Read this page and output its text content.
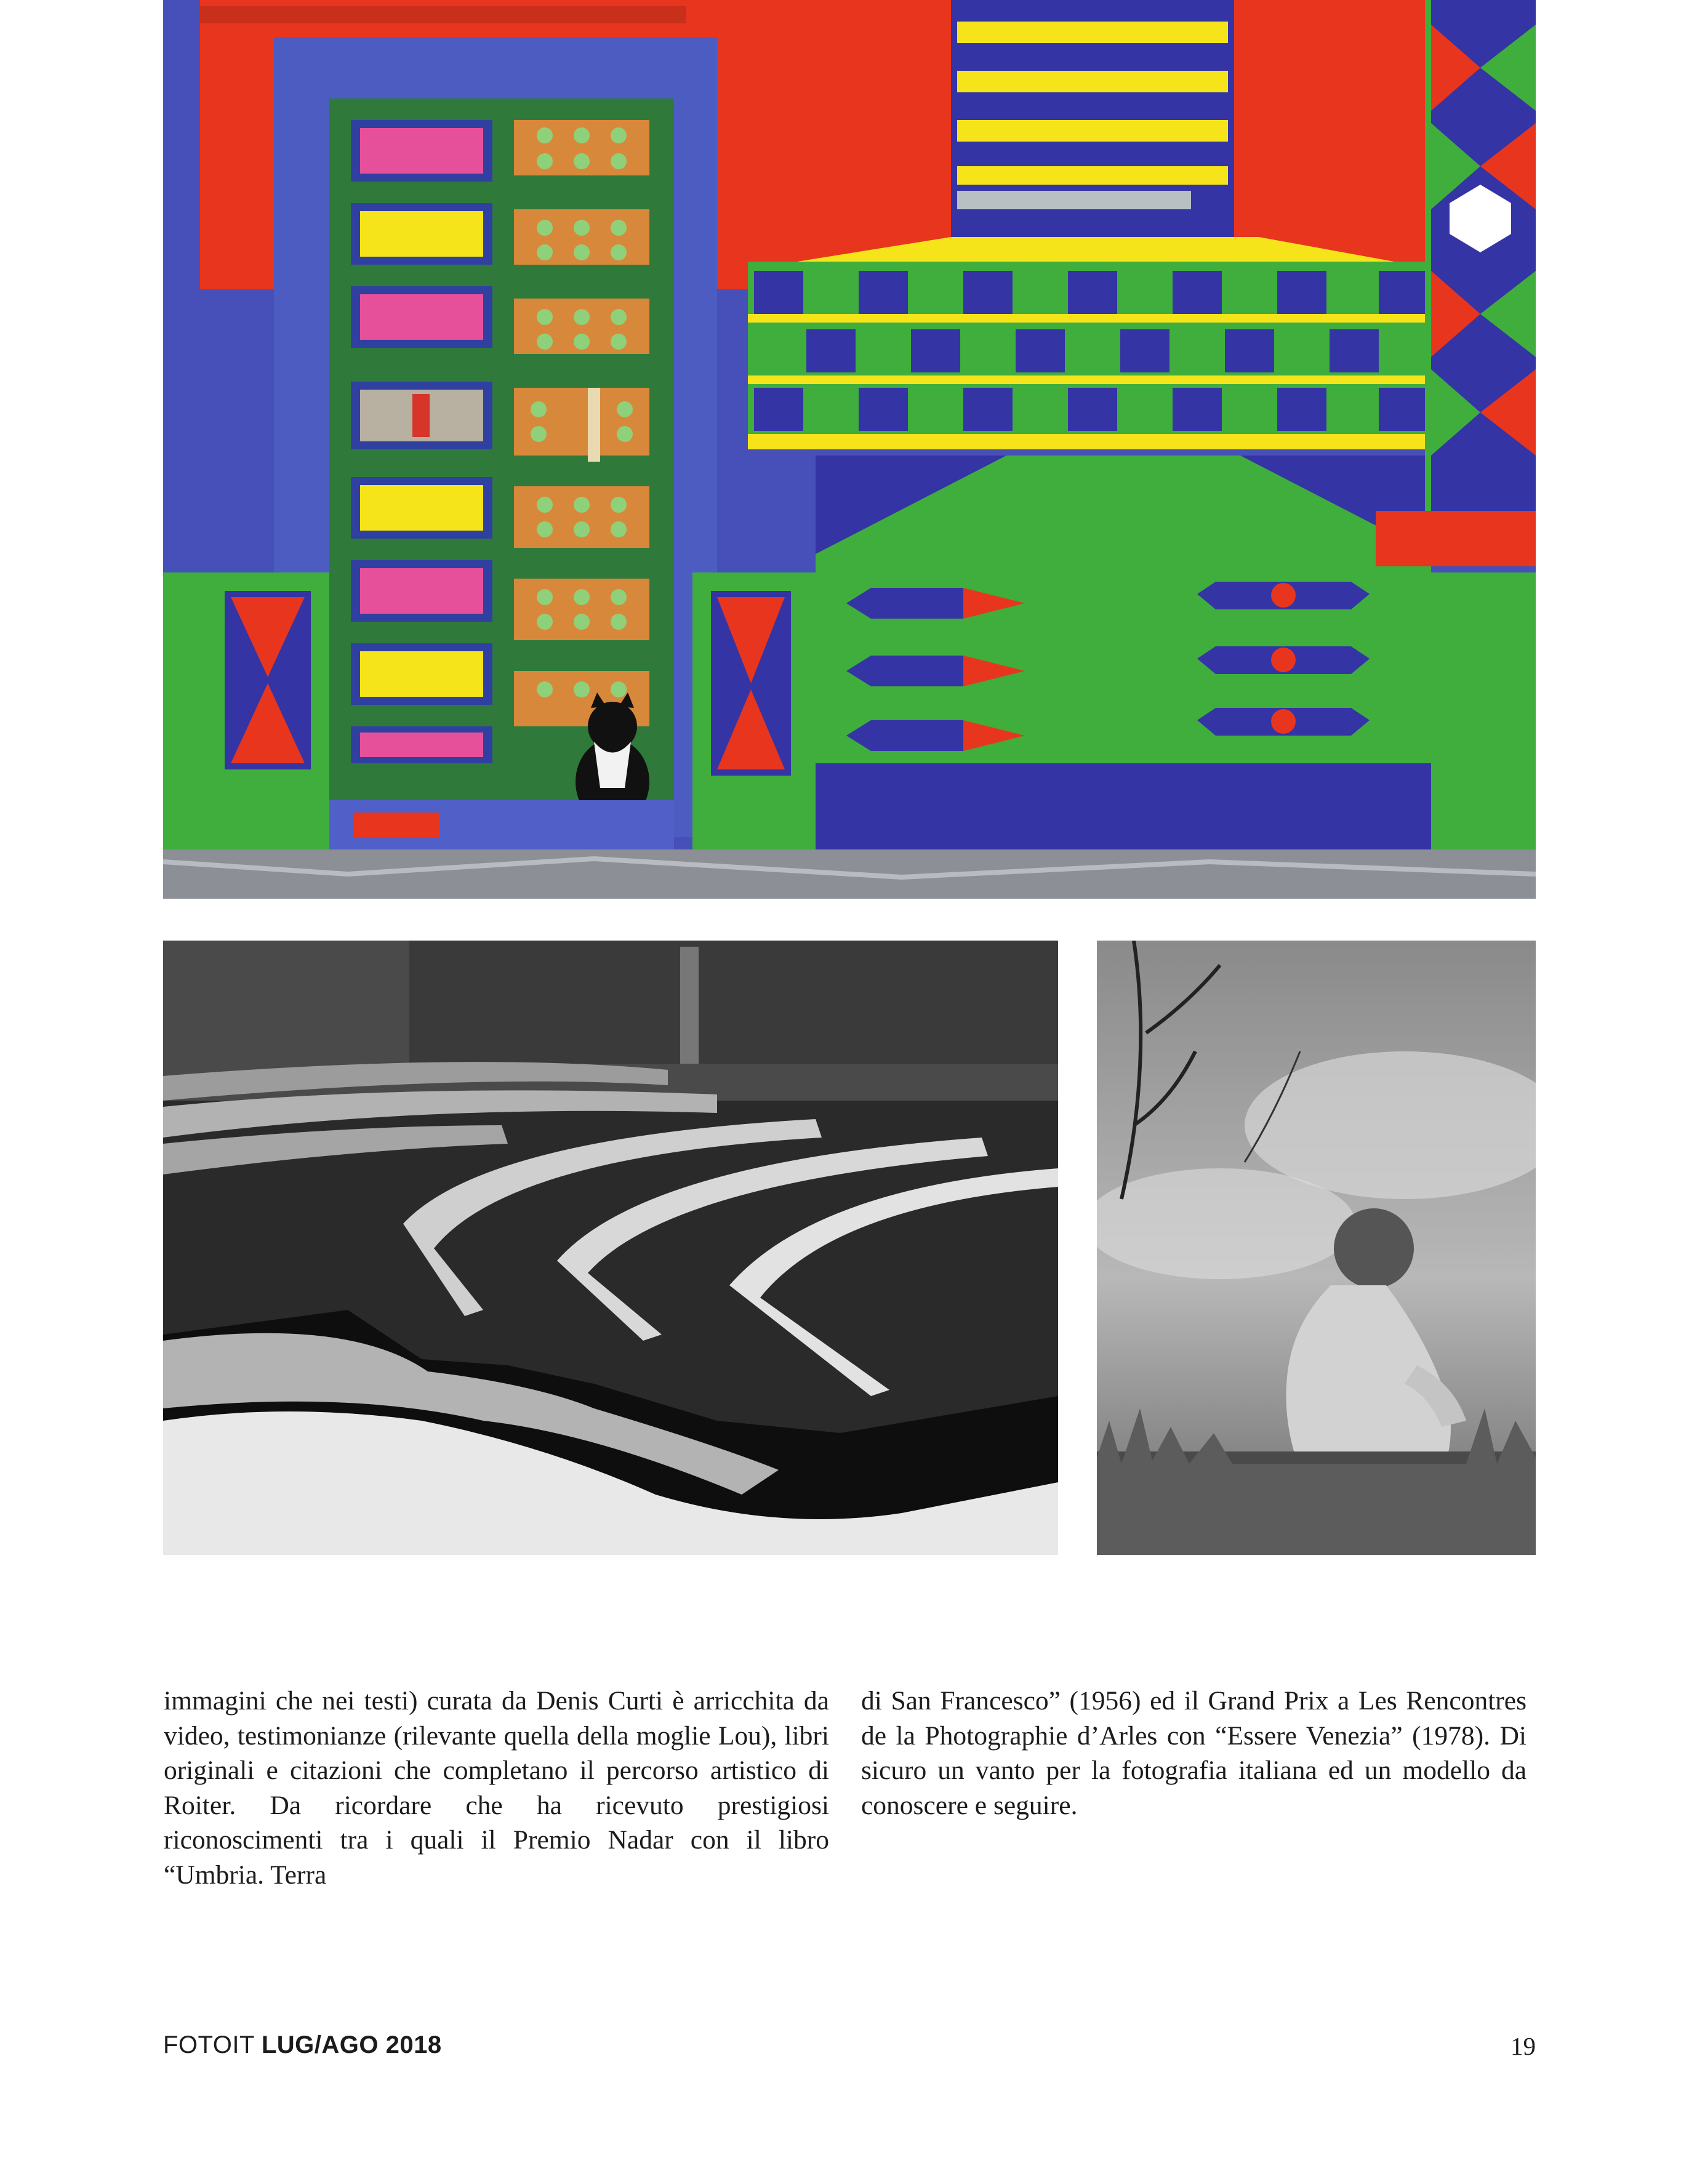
immagini che nei testi) curata da Denis Curti è arricchita da video, testimonianze (rilevante quella della moglie Lou), libri originali e citazioni che completano il percorso artistico di Roiter. Da ricordare che ha ricevuto prestigiosi riconoscimenti tra i quali il Premio Nadar con il libro “Umbria. Terra

di San Francesco” (1956) ed il Grand Prix a Les Rencontres de la Photographie d’Arles con “Essere Venezia” (1978). Di sicuro un vanto per la fotografia italiana ed un modello da conoscere e seguire.

FOTOIT LUG/AGO 2018	19
